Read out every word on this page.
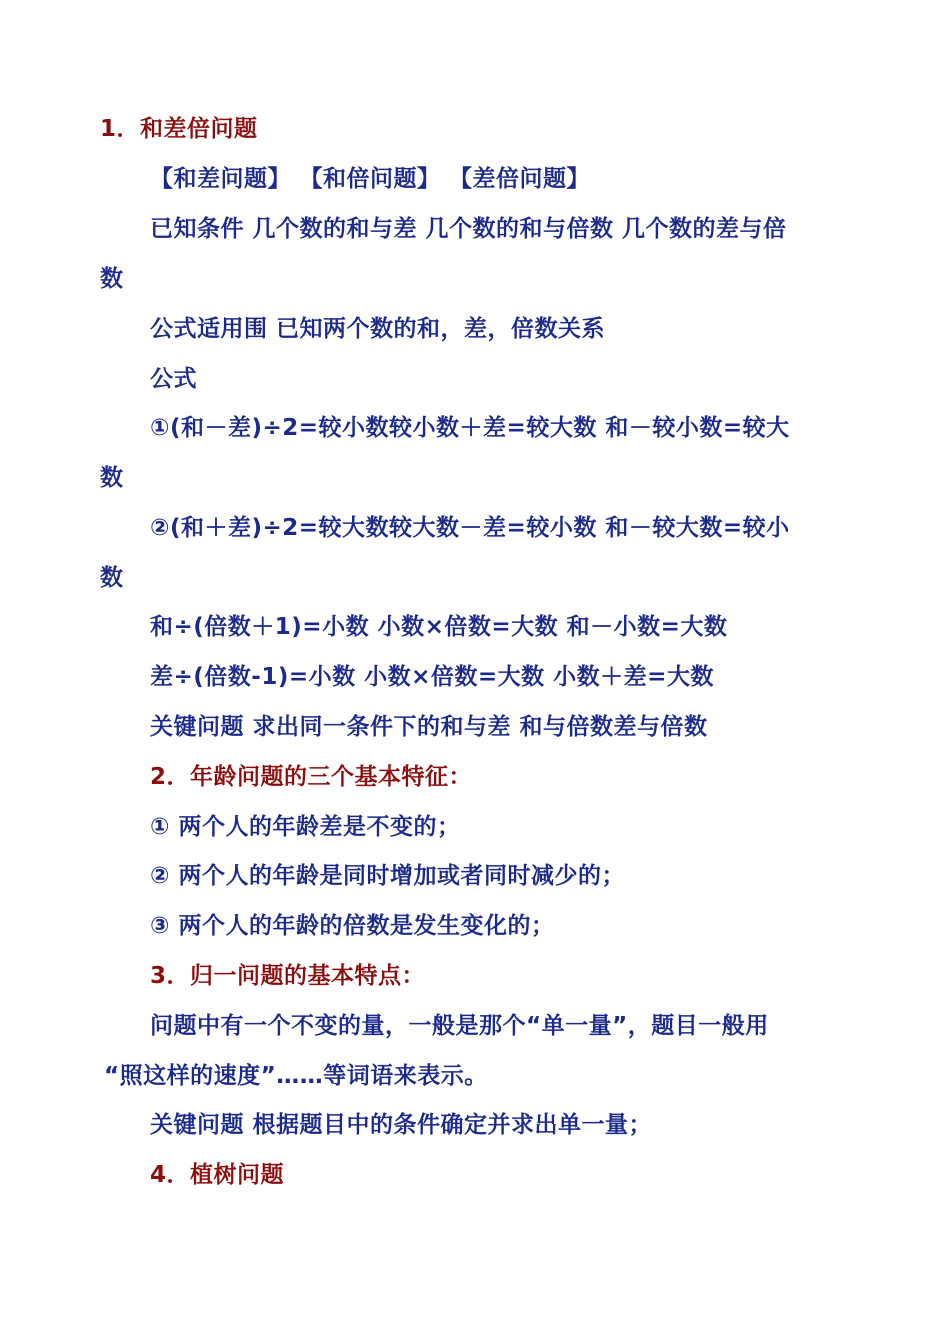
1．和差倍问题
【和差问题】 【和倍问题】 【差倍问题】
已知条件 几个数的和与差 几个数的和与倍数 几个数的差与倍
数
公式适用围 已知两个数的和，差，倍数关系
公式
①(和－差)÷2=较小数较小数＋差=较大数 和－较小数=较大
数
②(和＋差)÷2=较大数较大数－差=较小数 和－较大数=较小
数
和÷(倍数＋1)=小数 小数×倍数=大数 和－小数=大数
差÷(倍数-1)=小数 小数×倍数=大数 小数＋差=大数
关键问题 求出同一条件下的和与差 和与倍数差与倍数
2．年龄问题的三个基本特征：
① 两个人的年龄差是不变的；
② 两个人的年龄是同时增加或者同时减少的；
③ 两个人的年龄的倍数是发生变化的；
3．归一问题的基本特点：
问题中有一个不变的量，一般是那个“单一量”，题目一般用
“照这样的速度”……等词语来表示。
关键问题 根据题目中的条件确定并求出单一量；
4．植树问题
